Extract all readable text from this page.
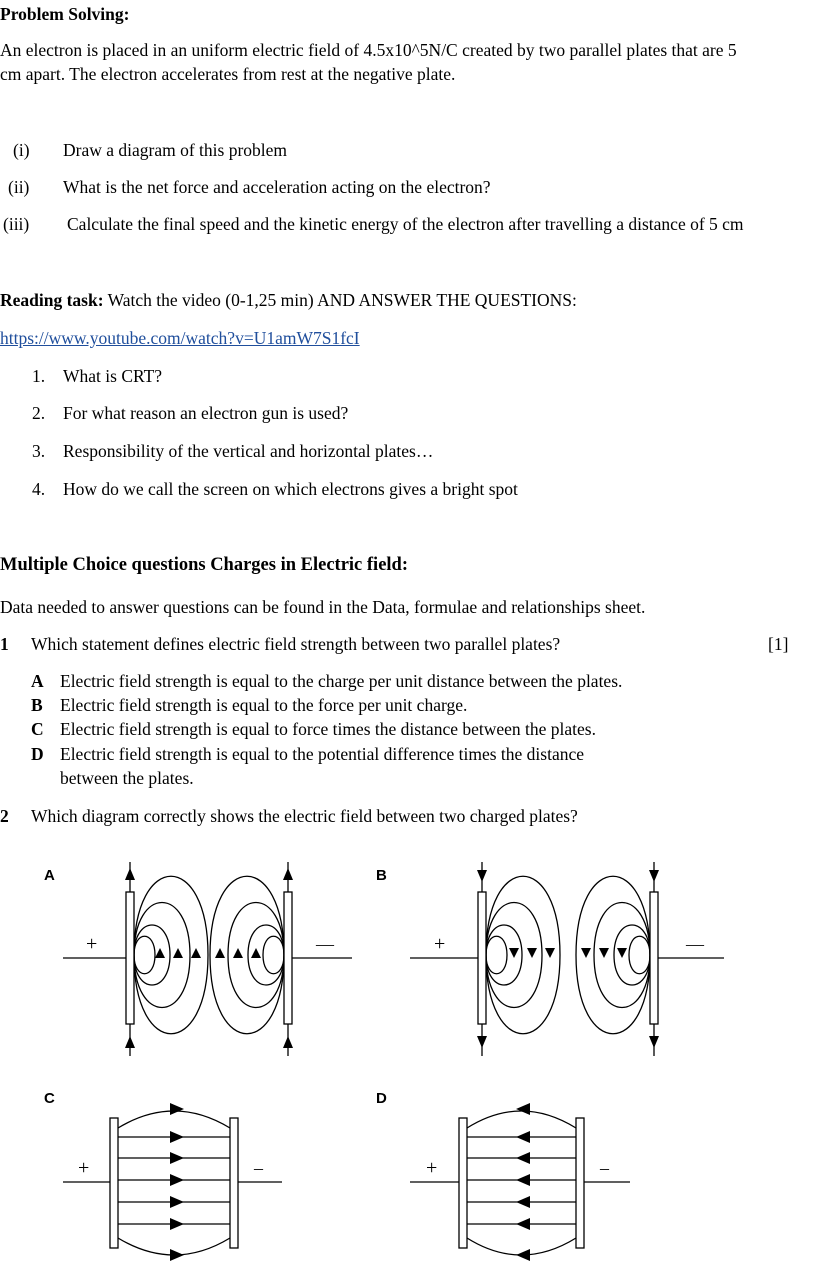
Problem Solving:
An electron is placed in an uniform electric field of 4.5x10^5N/C created by two parallel plates that are 5
cm apart. The electron accelerates from rest at the negative plate.
(i) Draw a diagram of this problem
(ii) What is the net force and acceleration acting on the electron?
(iii) Calculate the final speed and the kinetic energy of the electron after travelling a distance of 5 cm
Reading task: Watch the video (0-1,25 min) AND ANSWER THE QUESTIONS:
https://www.youtube.com/watch?v=U1amW7S1fcI
1. What is CRT?
2. For what reason an electron gun is used?
3. Responsibility of the vertical and horizontal plates…
4. How do we call the screen on which electrons gives a bright spot
Multiple Choice questions Charges in Electric field:
Data needed to answer questions can be found in the Data, formulae and relationships sheet.
1 Which statement defines electric field strength between two parallel plates?	[1]
A Electric field strength is equal to the charge per unit distance between the plates.
B Electric field strength is equal to the force per unit charge.
C Electric field strength is equal to force times the distance between the plates.
D Electric field strength is equal to the potential difference times the distance
between the plates.
2 Which diagram correctly shows the electric field between two charged plates?
A	B
C	D
+	—	+	—
+	–	+	–
